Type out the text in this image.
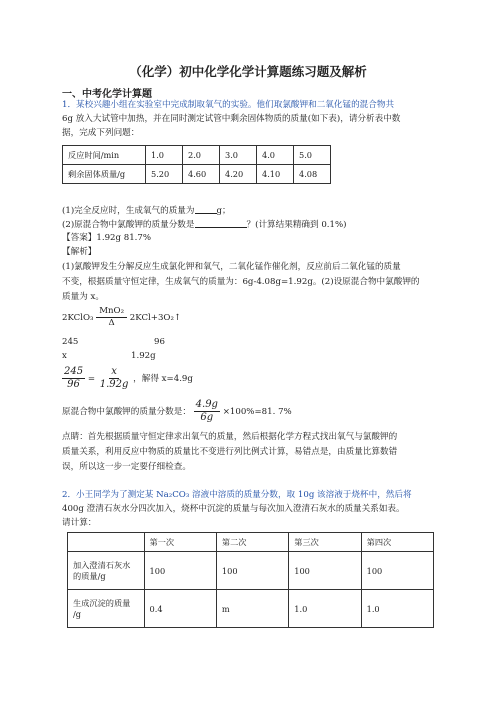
（化学）初中化学化学计算题练习题及解析
一、中考化学计算题
1．某校兴趣小组在实验室中完成制取氧气的实验。他们取氯酸钾和二氧化锰的混合物共
6g 放入大试管中加热，并在同时测定试管中剩余固体物质的质量(如下表)，请分析表中数
据，完成下列问题：
反应时间/min	1.0	2.0	3.0	4.0	5.0
剩余固体质量/g	5.20	4.60	4.20	4.10	4.08
(1)完全反应时，生成氧气的质量为	g；
(2)原混合物中氯酸钾的质量分数是	？(计算结果精确到 0.1%)
【答案】1.92g 81.7%
【解析】
(1)氯酸钾发生分解反应生成氯化钾和氧气，二氧化锰作催化剂，反应前后二氧化锰的质量
不变，根据质量守恒定律，生成氧气的质量为：6g-4.08g=1.92g。(2)设原混合物中氯酸钾的
质量为 x。
2KClO₃
MnO₂
Δ 2KCl+3O₂↑
245	96
x	1.92g
$\frac{245}{96} = \frac{x}{1.92g}$ ，解得 x=4.9g
原混合物中氯酸钾的质量分数是： $\frac{4.9g}{6g} \times 100\%=81$. 7%
点睛：首先根据质量守恒定律求出氧气的质量，然后根据化学方程式找出氧气与氯酸钾的
质量关系，利用反应中物质的质量比不变进行列比例式计算，易错点是，由质量比算数错
误，所以这一步一定要仔细检查。
2．小王同学为了测定某 Na₂CO₃ 溶液中溶质的质量分数，取 10g 该溶液于烧杯中，然后将
400g 澄清石灰水分四次加入，烧杯中沉淀的质量与每次加入澄清石灰水的质量关系如表。
请计算：
	第一次	第二次	第三次	第四次

加入澄清石灰水
的质量/g	100	100	100	100

生成沉淀的质量
/g	0.4	m	1.0	1.0
